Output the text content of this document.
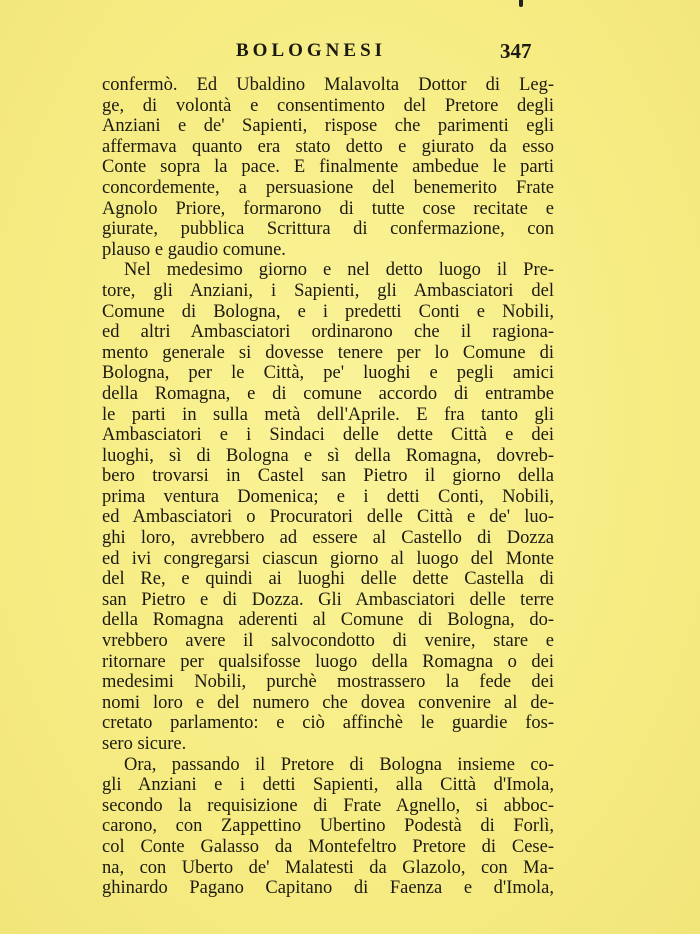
BOLOGNESI	347
confermò. Ed Ubaldino Malavolta Dottor di Leg-
ge, di volontà e consentimento del Pretore degli
Anziani e de' Sapienti, rispose che parimenti egli
affermava quanto era stato detto e giurato da esso
Conte sopra la pace. E finalmente ambedue le parti
concordemente, a persuasione del benemerito Frate
Agnolo Priore, formarono di tutte cose recitate e
giurate, pubblica Scrittura di confermazione, con
plauso e gaudio comune.
Nel medesimo giorno e nel detto luogo il Pre-
tore, gli Anziani, i Sapienti, gli Ambasciatori del
Comune di Bologna, e i predetti Conti e Nobili,
ed altri Ambasciatori ordinarono che il ragiona-
mento generale si dovesse tenere per lo Comune di
Bologna, per le Città, pe' luoghi e pegli amici
della Romagna, e di comune accordo di entrambe
le parti in sulla metà dell'Aprile. E fra tanto gli
Ambasciatori e i Sindaci delle dette Città e dei
luoghi, sì di Bologna e sì della Romagna, dovreb-
bero trovarsi in Castel san Pietro il giorno della
prima ventura Domenica; e i detti Conti, Nobili,
ed Ambasciatori o Procuratori delle Città e de' luo-
ghi loro, avrebbero ad essere al Castello di Dozza
ed ivi congregarsi ciascun giorno al luogo del Monte
del Re, e quindi ai luoghi delle dette Castella di
san Pietro e di Dozza. Gli Ambasciatori delle terre
della Romagna aderenti al Comune di Bologna, do-
vrebbero avere il salvocondotto di venire, stare e
ritornare per qualsifosse luogo della Romagna o dei
medesimi Nobili, purchè mostrassero la fede dei
nomi loro e del numero che dovea convenire al de-
cretato parlamento: e ciò affinchè le guardie fos-
sero sicure.
Ora, passando il Pretore di Bologna insieme co-
gli Anziani e i detti Sapienti, alla Città d'Imola,
secondo la requisizione di Frate Agnello, si abboc-
carono, con Zappettino Ubertino Podestà di Forlì,
col Conte Galasso da Montefeltro Pretore di Cese-
na, con Uberto de' Malatesti da Glazolo, con Ma-
ghinardo Pagano Capitano di Faenza e d'Imola,
